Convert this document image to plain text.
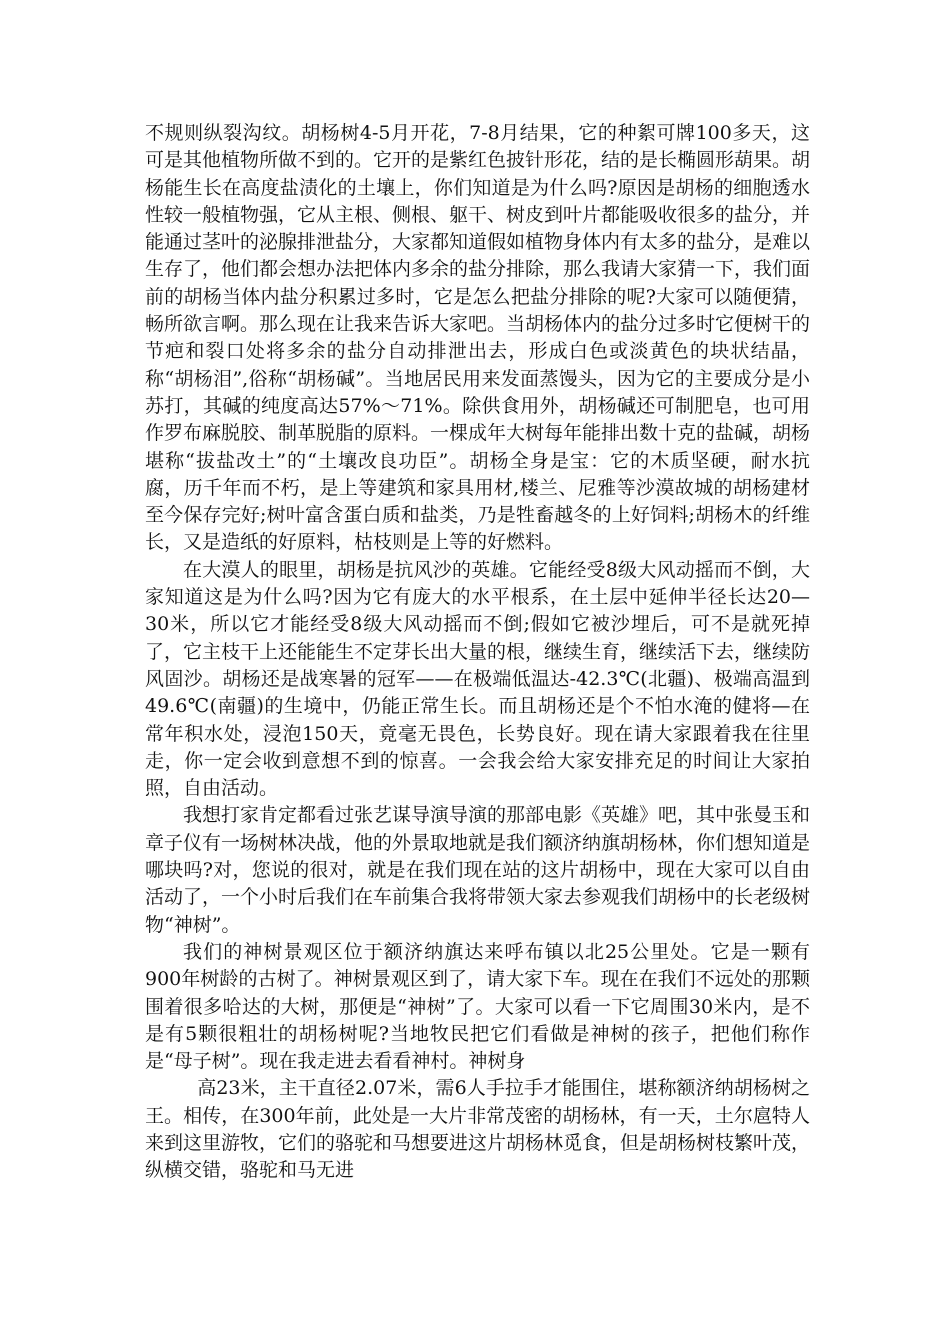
不规则纵裂沟纹。胡杨树4-5月开花，7-8月结果，它的种絮可牌100多天，这可是其他植物所做不到的。它开的是紫红色披针形花，结的是长椭圆形葫果。胡杨能生长在高度盐渍化的土壤上，你们知道是为什么吗?原因是胡杨的细胞透水性较一般植物强，它从主根、侧根、躯干、树皮到叶片都能吸收很多的盐分，并能通过茎叶的泌腺排泄盐分，大家都知道假如植物身体内有太多的盐分，是难以生存了，他们都会想办法把体内多余的盐分排除，那么我请大家猜一下，我们面前的胡杨当体内盐分积累过多时，它是怎么把盐分排除的呢?大家可以随便猜，畅所欲言啊。那么现在让我来告诉大家吧。当胡杨体内的盐分过多时它便树干的节疤和裂口处将多余的盐分自动排泄出去，形成白色或淡黄色的块状结晶，称“胡杨泪”,俗称“胡杨碱”。当地居民用来发面蒸馒头，因为它的主要成分是小苏打，其碱的纯度高达57%～71%。除供食用外，胡杨碱还可制肥皂，也可用作罗布麻脱胶、制革脱脂的原料。一棵成年大树每年能排出数十克的盐碱，胡杨堪称“拔盐改土”的“土壤改良功臣”。胡杨全身是宝：它的木质坚硬，耐水抗腐，历千年而不朽，是上等建筑和家具用材,楼兰、尼雅等沙漠故城的胡杨建材至今保存完好;树叶富含蛋白质和盐类，乃是牲畜越冬的上好饲料;胡杨木的纤维长，又是造纸的好原料，枯枝则是上等的好燃料。

在大漠人的眼里，胡杨是抗风沙的英雄。它能经受8级大风动摇而不倒，大家知道这是为什么吗?因为它有庞大的水平根系，在土层中延伸半径长达20—30米，所以它才能经受8级大风动摇而不倒;假如它被沙埋后，可不是就死掉了，它主枝干上还能能生不定芽长出大量的根，继续生育，继续活下去，继续防风固沙。胡杨还是战寒暑的冠军——在极端低温达-42.3℃(北疆)、极端高温到49.6℃(南疆)的生境中，仍能正常生长。而且胡杨还是个不怕水淹的健将—在常年积水处，浸泡150天，竟毫无畏色，长势良好。现在请大家跟着我在往里走，你一定会收到意想不到的惊喜。一会我会给大家安排充足的时间让大家拍照，自由活动。

我想打家肯定都看过张艺谋导演导演的那部电影《英雄》吧，其中张曼玉和章子仪有一场树林决战，他的外景取地就是我们额济纳旗胡杨林，你们想知道是哪块吗?对，您说的很对，就是在我们现在站的这片胡杨中，现在大家可以自由活动了，一个小时后我们在车前集合我将带领大家去参观我们胡杨中的长老级树物“神树”。

我们的神树景观区位于额济纳旗达来呼布镇以北25公里处。它是一颗有900年树龄的古树了。神树景观区到了，请大家下车。现在在我们不远处的那颗围着很多哈达的大树，那便是“神树”了。大家可以看一下它周围30米内，是不是有5颗很粗壮的胡杨树呢?当地牧民把它们看做是神树的孩子，把他们称作是“母子树”。现在我走进去看看神村。神树身

高23米，主干直径2.07米，需6人手拉手才能围住，堪称额济纳胡杨树之王。相传，在300年前，此处是一大片非常茂密的胡杨林，有一天，土尔扈特人来到这里游牧，它们的骆驼和马想要进这片胡杨林觅食，但是胡杨树枝繁叶茂，纵横交错，骆驼和马无进
